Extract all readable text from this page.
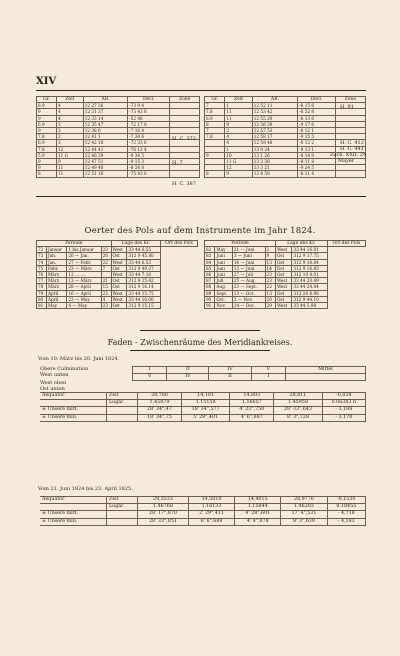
XIV
Gr.	Zeit	AR.	Decl.	Zone
8.9	4	12 27 36	-73 9 4	
9	4	12 31 37	-75 43 8	
9	4	12 33 14	-52 46	
6.9	3	12 35 47	-72 17 8	
9	3	12 38 6	-7 16 4	
7.8	2	12 41 1	-7 34 6	
6.9	3	12 42 18	-72 33 6	
7.8	12	12 44 41	-76 12 4	
5.9	11 G	12 46 39	-9 34 5	
9	9	12 47 51	-9 15 3	
9	11	12 49 46	-8 24 8	
8	11	12 51 16	-75 43 6	
Gr.	Zeit	AR.	Decl.	Zone
7	1	12 52 11	-8 15 6	
7.8	11	12 53 42	-8 32 8	
8.9	11	12 55 29	-8 13 6	
8	9	12 56 39	-9 17 6	
7	2	12 57 53	-8 12 1	
7.8	4	12 58 17	-9 15 5	
	4	12 59 48	-8 12 2	
	1	13 0 24	-9 13 1	
9	10	13 1 26	-8 14 9	
	11 G	13 2 38	-8 11 8	
	12	13 3 21	-9 24 5	
8	9	13 4 58	-8 11 4	
H. C. 372
H. 7
H. C. 387
H. 91
H. C. 412
H. C. 441
Zach. XXII. 24
Mayer
Oerter des Pols auf dem Instrumente im Jahr 1824.
Periode				Lage des Kr.		Ort des Pols
72	Januar	1 bis Januar	23	West	33 44 6.55	
73	Jan.	26 — Jan.	26	Ost	312 9 45.80	
74	Jan.	27 — Febr.	22	West	33 44 6.53	
75	Febr.	23 — März	7	Ost	312 9 49.27	
76	März	12 ........		West	33 44 7.16	
77	März	13 — März	21	Ost	312 9 15.42	
78	März	28 — April	15	Ost	312 9 16.14	
79	April	16 — April	22	West	33 44 15.75	
80	April	23 — May	4	West	33 44 16.00	
81	May	4 — May	23	Ost	312 9 15.15	
Periode				Lage des Kr.		Ort des Pols
82	May	21 — Juni	2	West	33 44 16.01	
83	Juni	3 — Juni	9	Ost	312 9 17.75	
84	Juni	16 — Juni	13	Ost	312 9 16.84	
85	Juni	13 — Juni	14	Ost	312 9 16.85	
86	Juni	27 — Juli	23	Ost	312 10 4.01	
87	Juli	25 — Aug.	23	West	33 44 20.49	
88	Aug.	23 — Sept.	22	West	33 44 24.84	
89	Sept.	23 — Oct.	13	Ost	312 10 6.98	
90	Oct.	3 — Nov.	28	Ost	312 9 44.10	
91	Nov.	24 — Dec.	29	West	33 44 5.98	
Faden - Zwischenräume des Meridiankreises.
Vom 10. März bis 20. Juni 1824.
Obere Culmination
West unten
West oben
Ost unten
I	II	IV	V	Mittel
V	IV	II	I	
Aequator	Zeit	28,760	14,181	14,893	28,811	-0,034
	Logar.	1.45879	1.15158	1.16657	1.45958	0.06383 n
± Unsere mitt.		28' 34",47	18' 34",577	4' 23",750	28' 33",643	- 3,188
± Unsere min.		18' 34",75	5' 29",401	4' 6",887	8' 3",728	- 3,170
Vom 21. Juni 1824 bis 23. April 1825.
Aequator	Zeit	29,3533	14,5010	14,4015	28,9770	-0,1530
	Logar.	1.46768	1.16133	1.15844	1.46203	9.18455
± Unsere mitt.		28' 17",870	2' 29",411	4' 28",601	17' 4",531	- 4,718
± Unsere min.		28' 33",851	6' 6",689	4' 4",878	8' 3",639	- 4,183
